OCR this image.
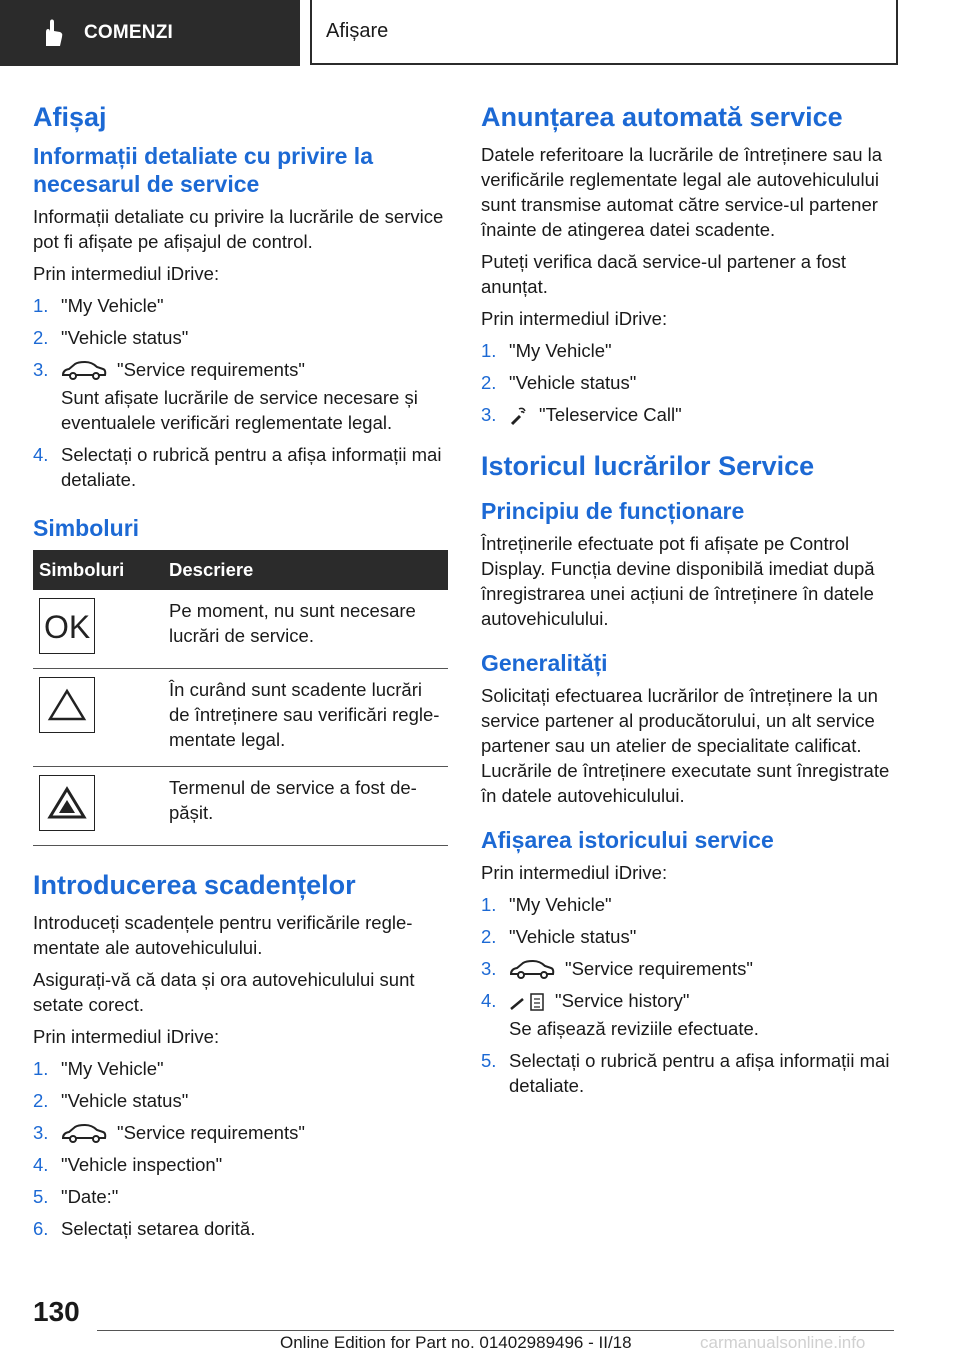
COMENZI	Afișare
Afișaj
Informații detaliate cu privire la necesarul de service

Informații detaliate cu privire la lucrările de service pot fi afișate pe afișajul de control.

Prin intermediul iDrive:

1. "My Vehicle"
2. "Vehicle status"
3.	"Service requirements"
Sunt afișate lucrările de service necesare și eventualele verificări reglementate legal.
4. Selectați o rubrică pentru a afișa informații mai detaliate.
Simboluri
Simboluri	Descriere

OK	Pe moment, nu sunt necesare lucrări de service.

	În curând sunt scadente lucrări de întreținere sau verificări reglementate legal.

	Termenul de service a fost depășit.
Introducerea scadențelor

Introduceți scadențele pentru verificările reglementate ale autovehiculului.

Asigurați-vă că data și ora autovehiculului sunt setate corect.

Prin intermediul iDrive:

1. "My Vehicle"
2. "Vehicle status"
3.	"Service requirements"
4. "Vehicle inspection"
5. "Date:"
6. Selectați setarea dorită.
Anunțarea automată service

Datele referitoare la lucrările de întreținere sau la verificările reglementate legal ale autovehiculului sunt transmise automat către service-ul partener înainte de atingerea datei scadente.

Puteți verifica dacă service-ul partener a fost anunțat.

Prin intermediul iDrive:

1. "My Vehicle"
2. "Vehicle status"
3. "Teleservice Call"
Istoricul lucrărilor Service
Principiu de funcționare

Întreținerile efectuate pot fi afișate pe Control Display. Funcția devine disponibilă imediat după înregistrarea unei acțiuni de întreținere în datele autovehiculului.

Generalități

Solicitați efectuarea lucrărilor de întreținere la un service partener al producătorului, un alt service partener sau un atelier de specialitate calificat. Lucrările de întreținere executate sunt înregistrate în datele autovehiculului.

Afișarea istoricului service

Prin intermediul iDrive:

1. "My Vehicle"
2. "Vehicle status"
3.	"Service requirements"
4.	"Service history"
Se afișează reviziile efectuate.
5. Selectați o rubrică pentru a afișa informații mai detaliate.
130
Online Edition for Part no. 01402989496 - II/18	carmanualsonline.info
